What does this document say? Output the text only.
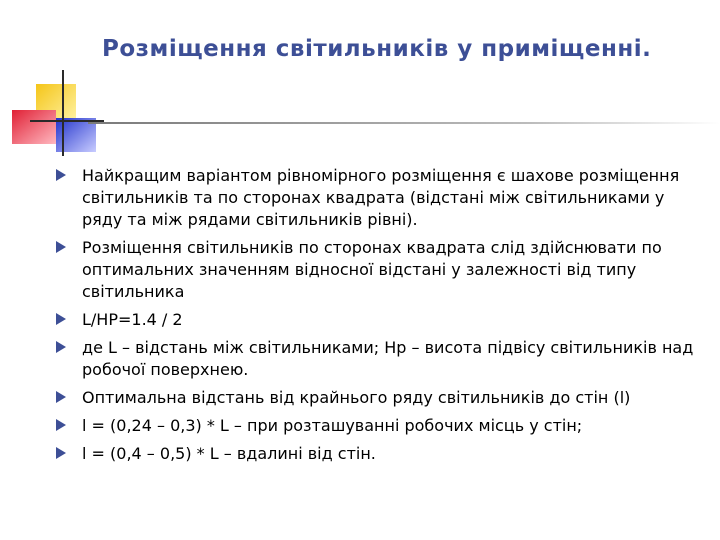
Розміщення світильників у приміщенні.
Найкращим варіантом рівномірного розміщення є шахове розміщення світильників та по сторонах квадрата (відстані між світильниками у ряду та між рядами світильників рівні).
Розміщення світильників по сторонах квадрата слід здійснювати по оптимальних значенням відносної відстані у залежності від типу світильника
L/HP=1.4 / 2
де L – відстань між світильниками; Нр – висота підвісу світильників над робочої поверхнею.
Оптимальна відстань від крайнього ряду світильників до стін (l)
l = (0,24 – 0,3) * L – при розташуванні робочих місць у стін;
l = (0,4 – 0,5) * L – вдалині від стін.
